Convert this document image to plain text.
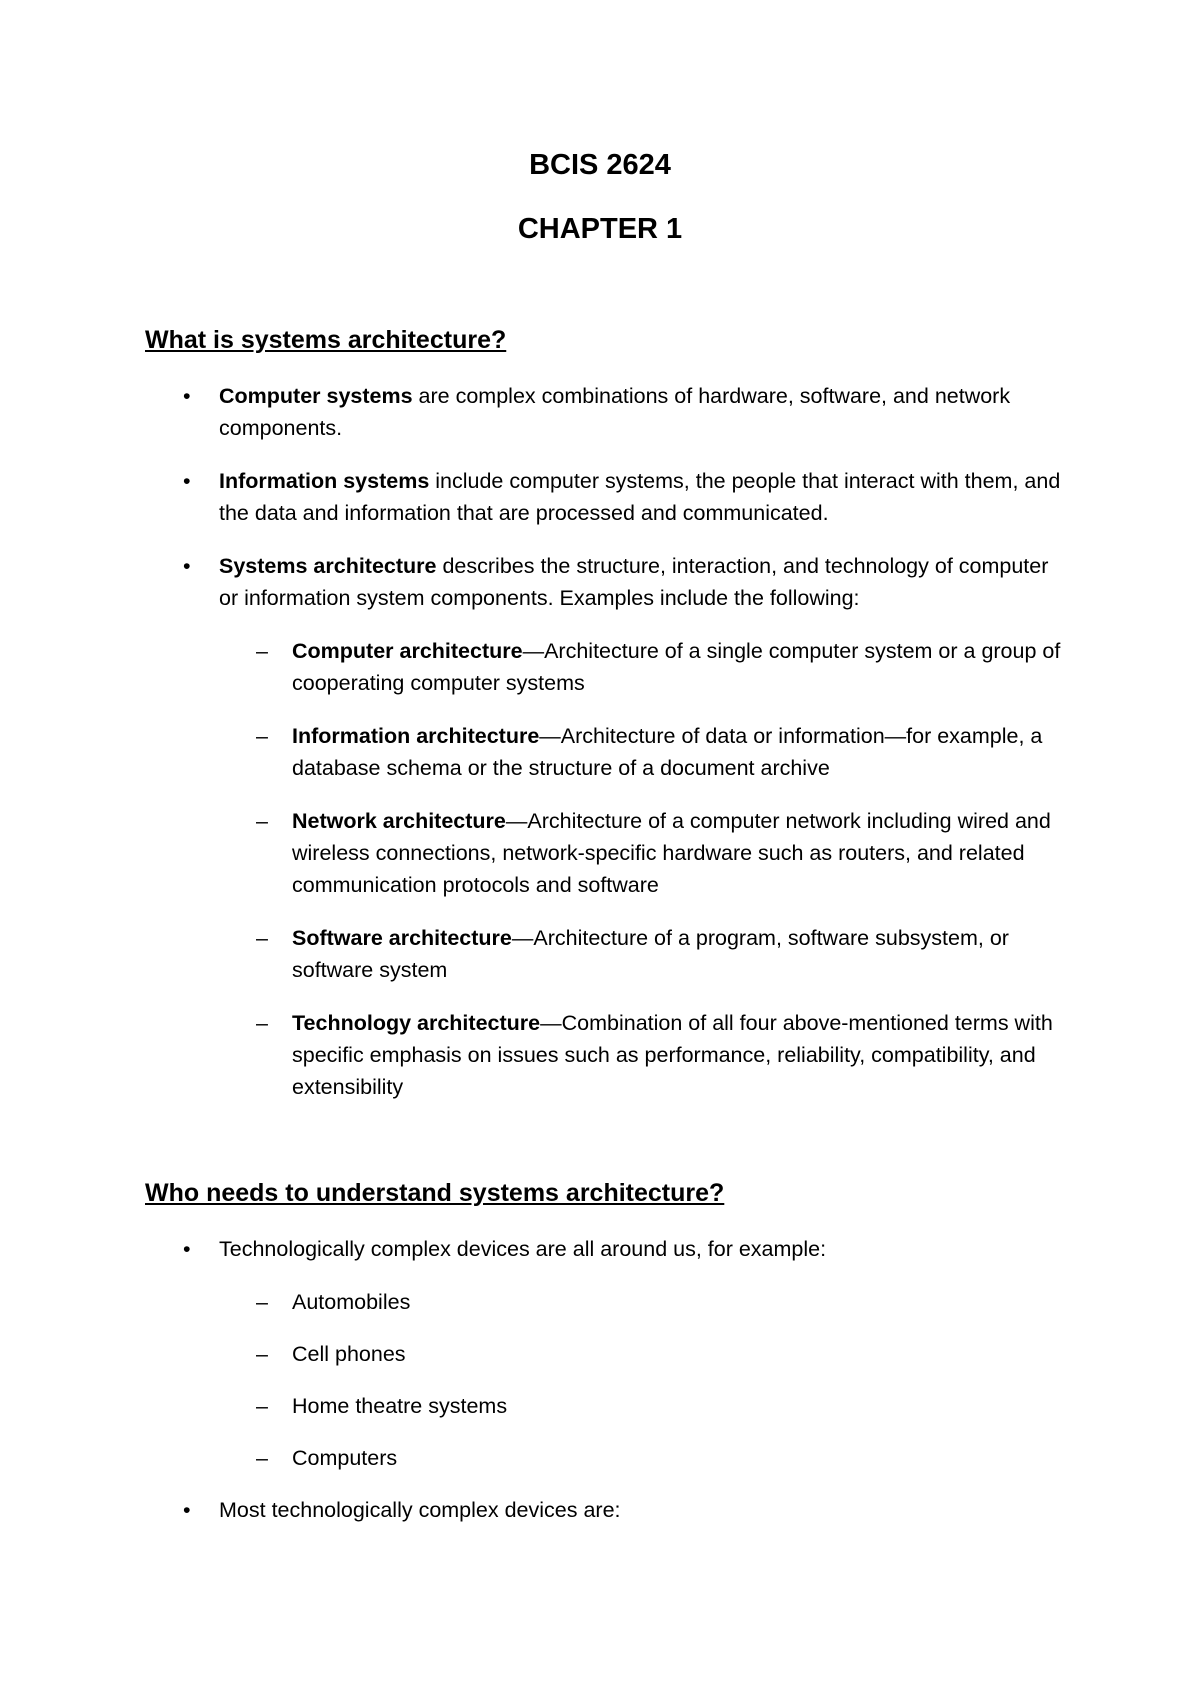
BCIS 2624
CHAPTER 1
What is systems architecture?
• Computer systems are complex combinations of hardware, software, and network components.
• Information systems include computer systems, the people that interact with them, and the data and information that are processed and communicated.
• Systems architecture describes the structure, interaction, and technology of computer or information system components. Examples include the following:
– Computer architecture—Architecture of a single computer system or a group of cooperating computer systems
– Information architecture—Architecture of data or information—for example, a database schema or the structure of a document archive
– Network architecture—Architecture of a computer network including wired and wireless connections, network-specific hardware such as routers, and related communication protocols and software
– Software architecture—Architecture of a program, software subsystem, or software system
– Technology architecture—Combination of all four above-mentioned terms with specific emphasis on issues such as performance, reliability, compatibility, and extensibility
Who needs to understand systems architecture?
• Technologically complex devices are all around us, for example:
– Automobiles
– Cell phones
– Home theatre systems
– Computers
• Most technologically complex devices are:
